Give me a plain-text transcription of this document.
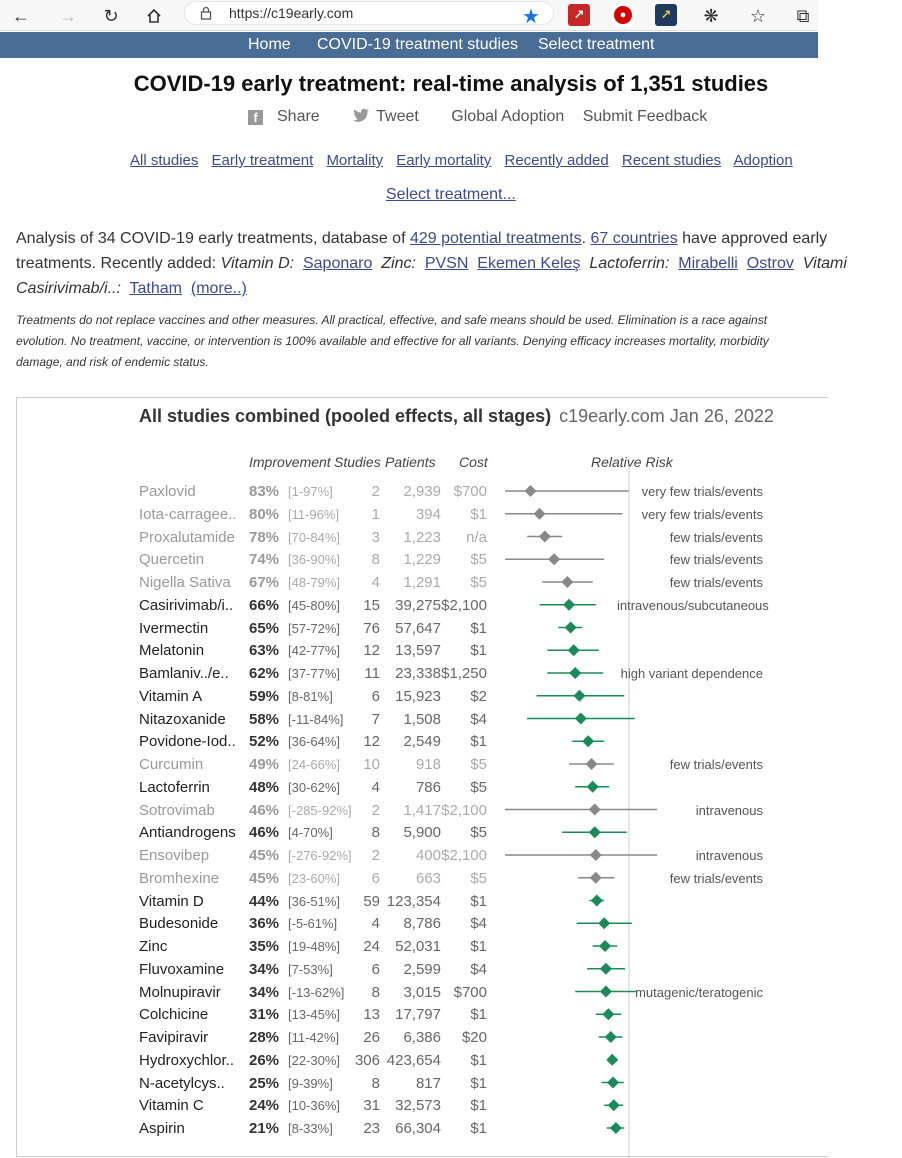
← →	↻	https://c19early.com	★	↗	●	↗	❋	☆	⧉
Home COVID-19 treatment studies Select treatment
COVID-19 early treatment: real-time analysis of 1,351 studies
f Share	Tweet Global Adoption Submit Feedback
All studies Early treatment Mortality Early mortality Recently added Recent studies Adoption
Select treatment...
Analysis of 34 COVID-19 early treatments, database of 429 potential treatments. 67 countries have approved early
treatments. Recently added: Vitamin D: Saponaro Zinc: PVSN Ekemen Keleş Lactoferrin: Mirabelli Ostrov Vitami
Casirivimab/i..: Tatham (more..)
Treatments do not replace vaccines and other measures. All practical, effective, and safe means should be used. Elimination is a race against
evolution. No treatment, vaccine, or intervention is 100% available and effective for all variants. Denying efficacy increases mortality, morbidity
damage, and risk of endemic status.
All studies combined (pooled effects, all stages) c19early.com Jan 26, 2022
Improvement Studies Patients Cost	Relative Risk
Paxlovid	83% [1-97%]	2 2,939 $700	very few trials/events
Iota-carragee.. 80% [11-96%] 1 394 $1	very few trials/events
Proxalutamide 78% [70-84%] 3 1,223 n/a	few trials/events
Quercetin	74% [36-90%] 8 1,229 $5	few trials/events
Nigella Sativa 67% [48-79%] 4 1,291 $5	few trials/events
Casirivimab/i.. 66% [45-80%] 15 39,275 $2,100	intravenous/subcutaneous
Ivermectin	65% [57-72%] 76 57,647 $1
Melatonin	63% [42-77%] 12 13,597 $1
Bamlaniv../e.. 62% [37-77%] 11 23,338 $1,250	high variant dependence
Vitamin A	59% [8-81%]	6 15,923 $2
Nitazoxanide 58% [-11-84%] 7 1,508 $4
Povidone-Iod.. 52% [36-64%] 12 2,549 $1
Curcumin	49% [24-66%] 10 918 $5	few trials/events
Lactoferrin	48% [30-62%] 4 786 $5
Sotrovimab 46% [-285-92%] 2 1,417 $2,100	intravenous
Antiandrogens 46% [4-70%]	8 5,900 $5
Ensovibep	45% [-276-92%] 2 400 $2,100	intravenous
Bromhexine 45% [23-60%] 6 663 $5	few trials/events
Vitamin D	44% [36-51%] 59 123,354 $1
Budesonide 36% [-5-61%] 4 8,786 $4
Zinc	35% [19-48%] 24 52,031 $1
Fluvoxamine 34% [7-53%]	6 2,599 $4
Molnupiravir 34% [-13-62%] 8 3,015 $700	mutagenic/teratogenic
Colchicine	31% [13-45%] 13 17,797 $1
Favipiravir	28% [11-42%] 26 6,386 $20
Hydroxychlor.. 26% [22-30%] 306 423,654 $1
N-acetylcys.. 25% [9-39%]	8 817 $1
Vitamin C	24% [10-36%] 31 32,573 $1
Aspirin	21% [8-33%] 23 66,304 $1
